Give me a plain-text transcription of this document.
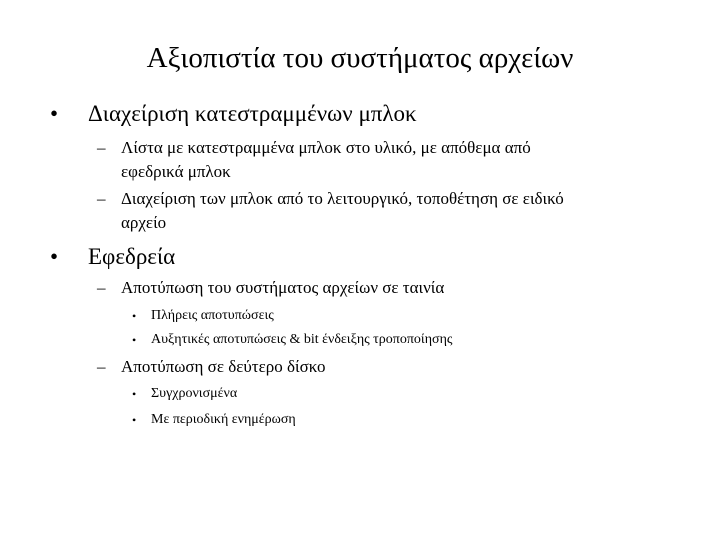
Αξιοπιστία του συστήματος αρχείων
• Διαχείριση κατεστραμμένων μπλοκ
– Λίστα με κατεστραμμένα μπλοκ στο υλικό, με απόθεμα από
εφεδρικά μπλοκ
– Διαχείριση των μπλοκ από το λειτουργικό, τοποθέτηση σε ειδικό
αρχείο
• Εφεδρεία
– Αποτύπωση του συστήματος αρχείων σε ταινία
• Πλήρεις αποτυπώσεις
• Αυξητικές αποτυπώσεις & bit ένδειξης τροποποίησης
– Αποτύπωση σε δεύτερο δίσκο
• Συγχρονισμένα
• Με περιοδική ενημέρωση
